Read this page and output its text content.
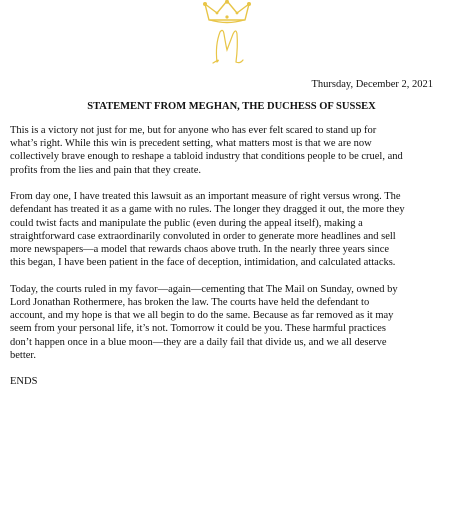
Thursday, December 2, 2021
STATEMENT FROM MEGHAN, THE DUCHESS OF SUSSEX

This is a victory not just for me, but for anyone who has ever felt scared to stand up for
what’s right. While this win is precedent setting, what matters most is that we are now
collectively brave enough to reshape a tabloid industry that conditions people to be cruel, and
profits from the lies and pain that they create.

From day one, I have treated this lawsuit as an important measure of right versus wrong. The
defendant has treated it as a game with no rules. The longer they dragged it out, the more they
could twist facts and manipulate the public (even during the appeal itself), making a
straightforward case extraordinarily convoluted in order to generate more headlines and sell
more newspapers—a model that rewards chaos above truth. In the nearly three years since
this began, I have been patient in the face of deception, intimidation, and calculated attacks.

Today, the courts ruled in my favor—again—cementing that The Mail on Sunday, owned by
Lord Jonathan Rothermere, has broken the law. The courts have held the defendant to
account, and my hope is that we all begin to do the same. Because as far removed as it may
seem from your personal life, it’s not. Tomorrow it could be you. These harmful practices
don’t happen once in a blue moon—they are a daily fail that divide us, and we all deserve
better.

ENDS
